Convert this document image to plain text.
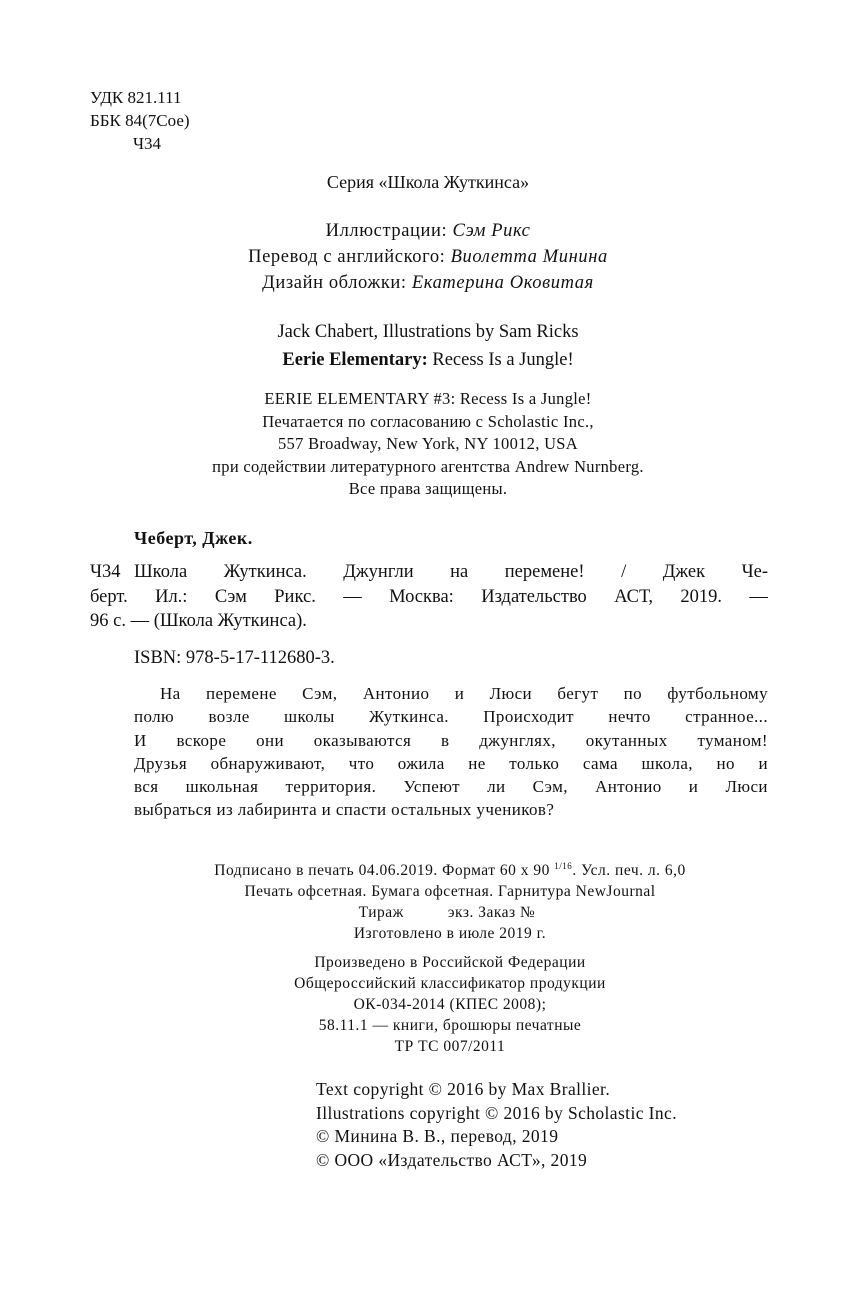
УДК 821.111
ББК 84(7Сое)
Ч34
Серия «Школа Жуткинса»
Иллюстрации: Сэм Рикс
Перевод с английского: Виолетта Минина
Дизайн обложки: Екатерина Оковитая
Jack Chabert, Illustrations by Sam Ricks
Eerie Elementary: Recess Is a Jungle!
EERIE ELEMENTARY #3: Recess Is a Jungle!
Печатается по согласованию с Scholastic Inc.,
557 Broadway, New York, NY 10012, USA
при содействии литературного агентства Andrew Nurnberg.
Все права защищены.
Чеберт, Джек.
Ч34 Школа Жуткинса. Джунгли на перемене! / Джек Че-
берт. Ил.: Сэм Рикс. — Москва: Издательство АСТ, 2019. —
96 с. — (Школа Жуткинса).
ISBN: 978-5-17-112680-3.
На перемене Сэм, Антонио и Люси бегут по футбольному
полю возле школы Жуткинса. Происходит нечто странное...
И вскоре они оказываются в джунглях, окутанных туманом!
Друзья обнаруживают, что ожила не только сама школа, но и
вся школьная территория. Успеют ли Сэм, Антонио и Люси
выбраться из лабиринта и спасти остальных учеников?
Подписано в печать 04.06.2019. Формат 60 x 90 $^{1/16}$. Усл. печ. л. 6,0
Печать офсетная. Бумага офсетная. Гарнитура NewJournal
Тираж	экз. Заказ №
Изготовлено в июле 2019 г.
Произведено в Российской Федерации
Общероссийский классификатор продукции
ОК-034-2014 (КПЕС 2008);
58.11.1 — книги, брошюры печатные
ТР ТС 007/2011
Text copyright © 2016 by Max Brallier.
Illustrations copyright © 2016 by Scholastic Inc.
© Минина В. В., перевод, 2019
© ООО «Издательство АСТ», 2019
